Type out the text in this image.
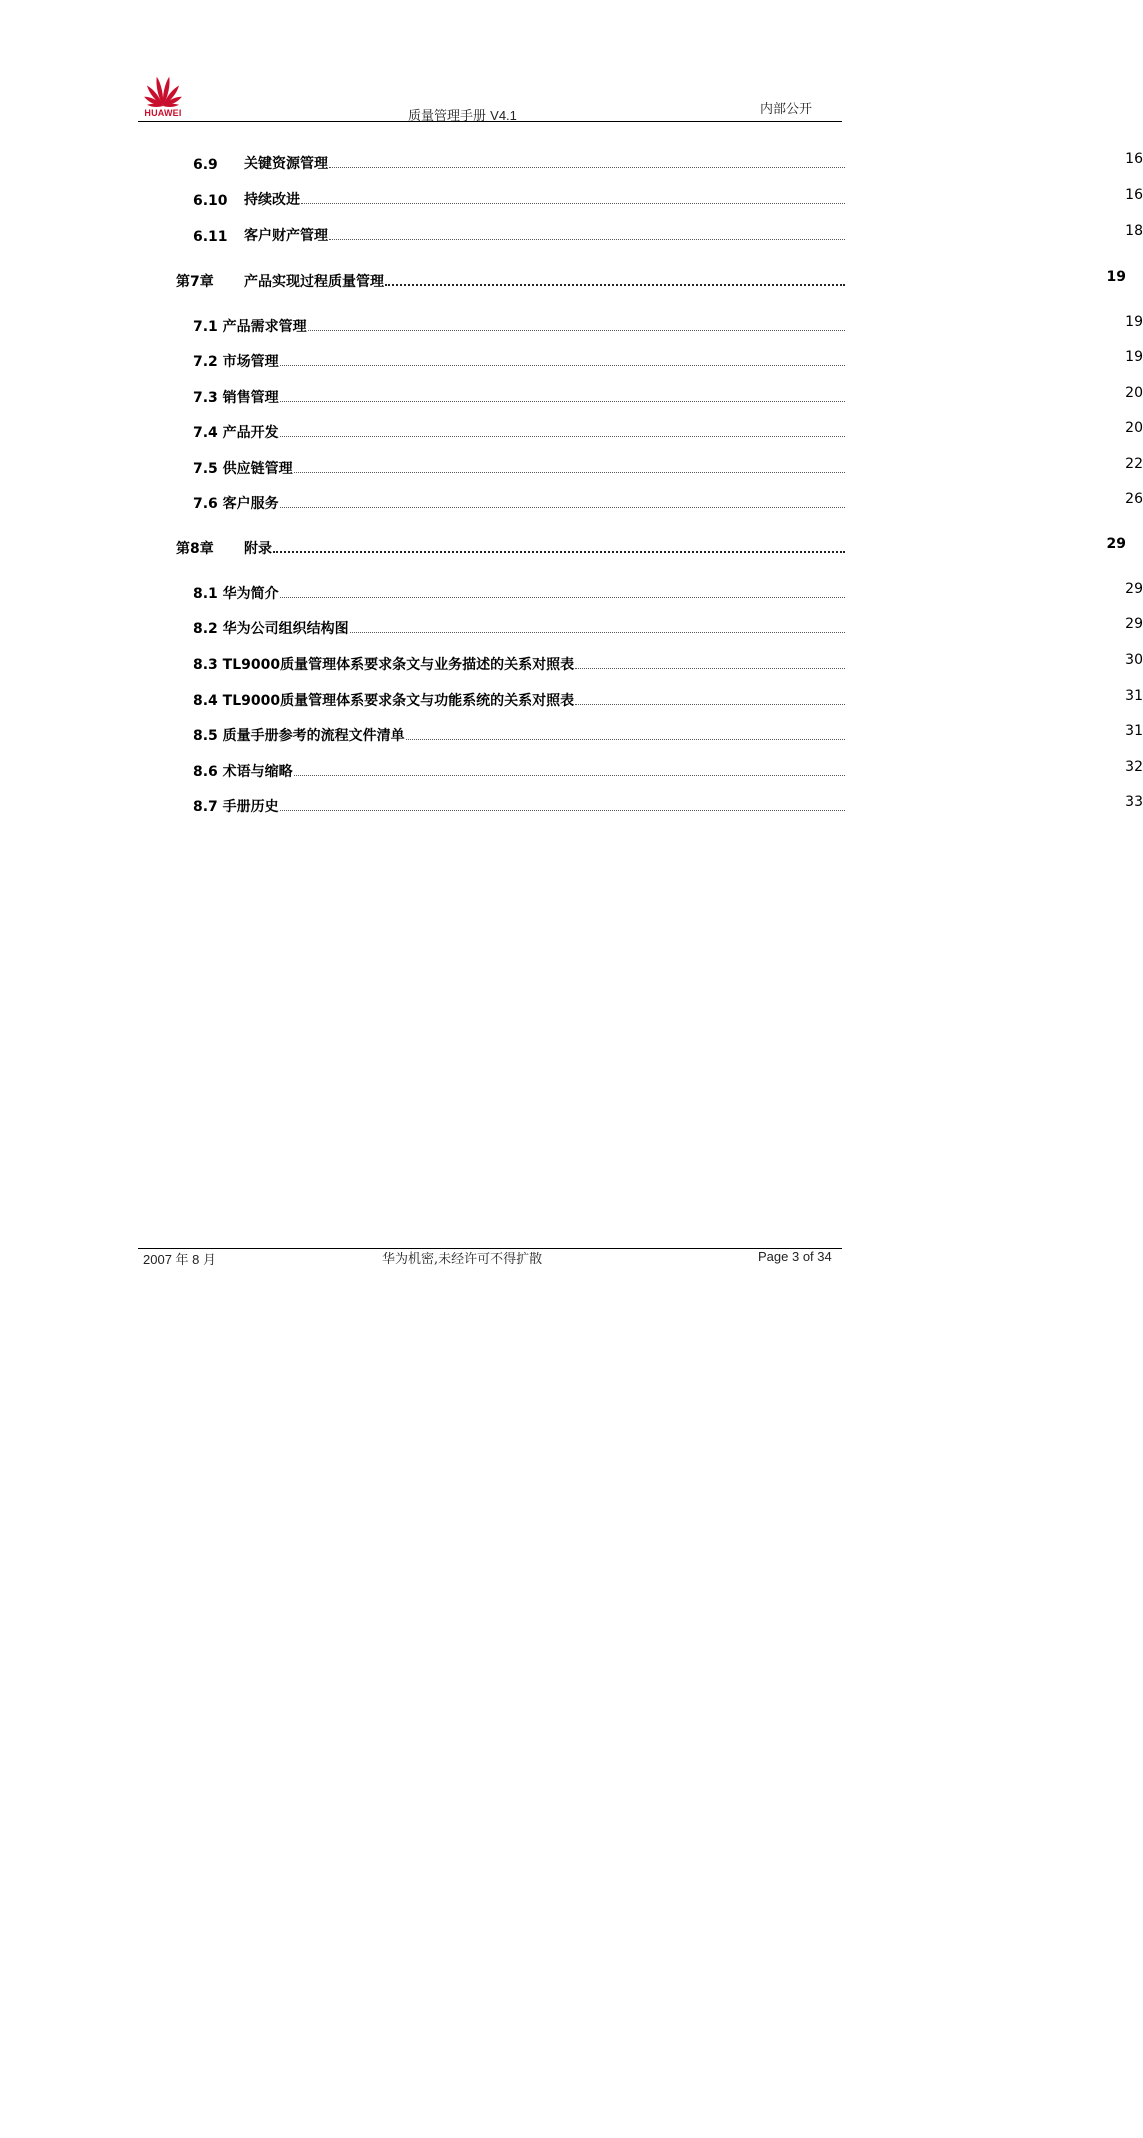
HUAWEI	质量管理手册 V4.1	内部公开
6.9	关键资源管理	16
6.10	持续改进	16
6.11	客户财产管理	18
第7章	产品实现过程质量管理	19
7.1 产品需求管理	19
7.2 市场管理	19
7.3 销售管理	20
7.4 产品开发	20
7.5 供应链管理	22
7.6 客户服务	26
第8章	附录	29
8.1 华为简介	29
8.2 华为公司组织结构图	29
8.3 TL9000质量管理体系要求条文与业务描述的关系对照表	30
8.4 TL9000质量管理体系要求条文与功能系统的关系对照表	31
8.5 质量手册参考的流程文件清单	31
8.6 术语与缩略	32
8.7 手册历史	33
2007 年 8 月	华为机密,未经许可不得扩散	Page 3 of 34
